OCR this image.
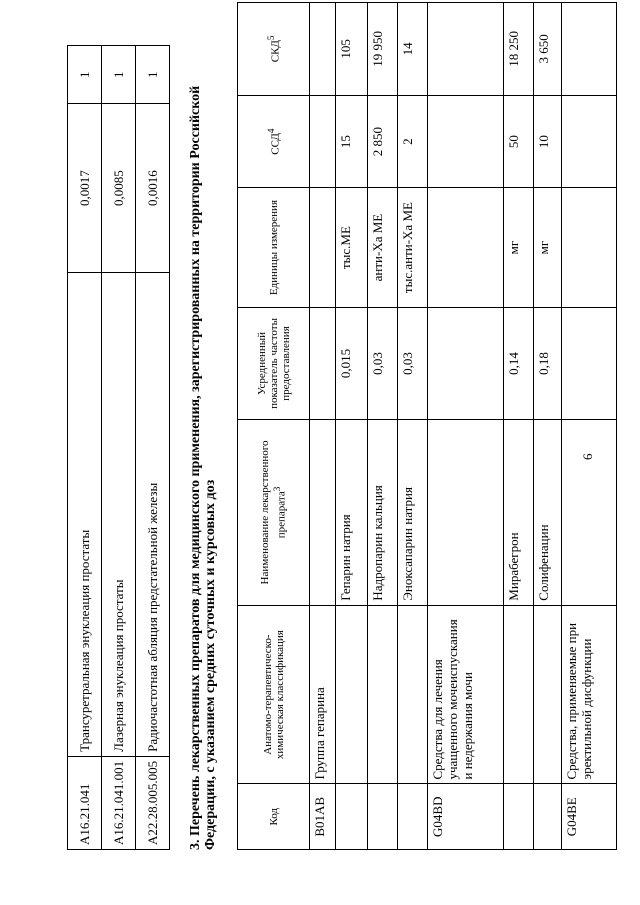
6
A16.21.041	Трансуретральная энуклеация простаты	0,0017	1
A16.21.041.001	Лазерная энуклеация простаты	0,0085	1
A22.28.005.005	Радиочастотная абляция предстательной железы	0,0016	1
3. Перечень лекарственных препаратов для медицинского применения, зарегистрированных на территории Российской Федерации, с указанием средних суточных и курсовых доз	Код	Анатомо-терапевтическо-химическая классификация	Наименование лекарственного препарата$^3$	Усредненный показатель частоты предоставления	Единицы измерения	ССД$^4$	СКД$^5$
B01AB	Группа гепарина					
		Гепарин натрия	0,015	тыс.МЕ	15	105
		Надропарин кальция	0,03	анти-Ха МЕ	2 850	19 950
		Эноксапарин натрия	0,03	тыс.анти-Ха МЕ	2	14
G04BD	Средства для лечения учащенного мочеиспускания и недержания мочи					
		Мирабегрон	0,14	мг	50	18 250
		Солифенацин	0,18	мг	10	3 650
G04BE	Средства, применяемые при эректильной дисфункции					
